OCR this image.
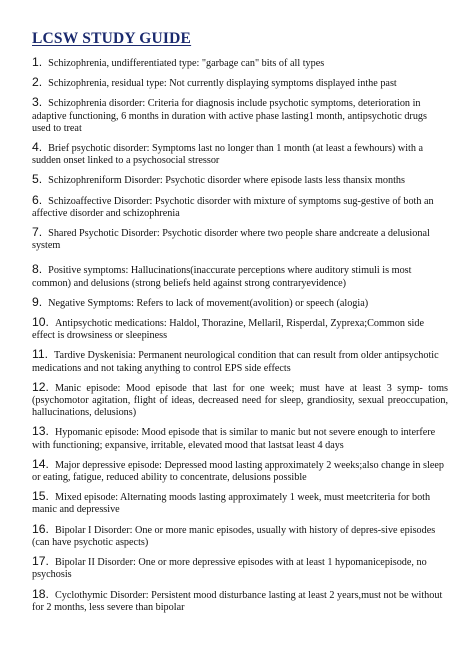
LCSW STUDY GUIDE
1. Schizophrenia, undifferentiated type: "garbage can" bits of all types
2. Schizophrenia, residual type: Not currently displaying symptoms displayed inthe past
3. Schizophrenia disorder: Criteria for diagnosis include psychotic symptoms, deterioration in adaptive functioning, 6 months in duration with active phase lasting1 month, antipsychotic drugs used to treat
4. Brief psychotic disorder: Symptoms last no longer than 1 month (at least a fewhours) with a sudden onset linked to a psychosocial stressor
5. Schizophreniform Disorder: Psychotic disorder where episode lasts less thansix months
6. Schizoaffective Disorder: Psychotic disorder with mixture of symptoms sug-gestive of both an affective disorder and schizophrenia
7. Shared Psychotic Disorder: Psychotic disorder where two people share andcreate a delusional system
8. Positive symptoms: Hallucinations(inaccurate perceptions where auditory stimuli is most common) and delusions (strong beliefs held against strong contraryevidence)
9. Negative Symptoms: Refers to lack of movement(avolition) or speech (alogia)
10. Antipsychotic medications: Haldol, Thorazine, Mellaril, Risperdal, Zyprexa;Common side effect is drowsiness or sleepiness
11. Tardive Dyskenisia: Permanent neurological condition that can result from older antipsychotic medications and not taking anything to control EPS side effects
12. Manic episode: Mood episode that last for one week; must have at least 3 symp- toms (psychomotor agitation, flight of ideas, decreased need for sleep, grandiosity, sexual preoccupation, hallucinations, delusions)
13. Hypomanic episode: Mood episode that is similar to manic but not severe enough to interfere with functioning; expansive, irritable, elevated mood that lastsat least 4 days
14. Major depressive episode: Depressed mood lasting approximately 2 weeks;also change in sleep or eating, fatigue, reduced ability to concentrate, delusions possible
15. Mixed episode: Alternating moods lasting approximately 1 week, must meetcriteria for both manic and depressive
16. Bipolar I Disorder: One or more manic episodes, usually with history of depres-sive episodes (can have psychotic aspects)
17. Bipolar II Disorder: One or more depressive episodes with at least 1 hypomanicepisode, no psychosis
18. Cyclothymic Disorder: Persistent mood disturbance lasting at least 2 years,must not be without for 2 months, less severe than bipolar
